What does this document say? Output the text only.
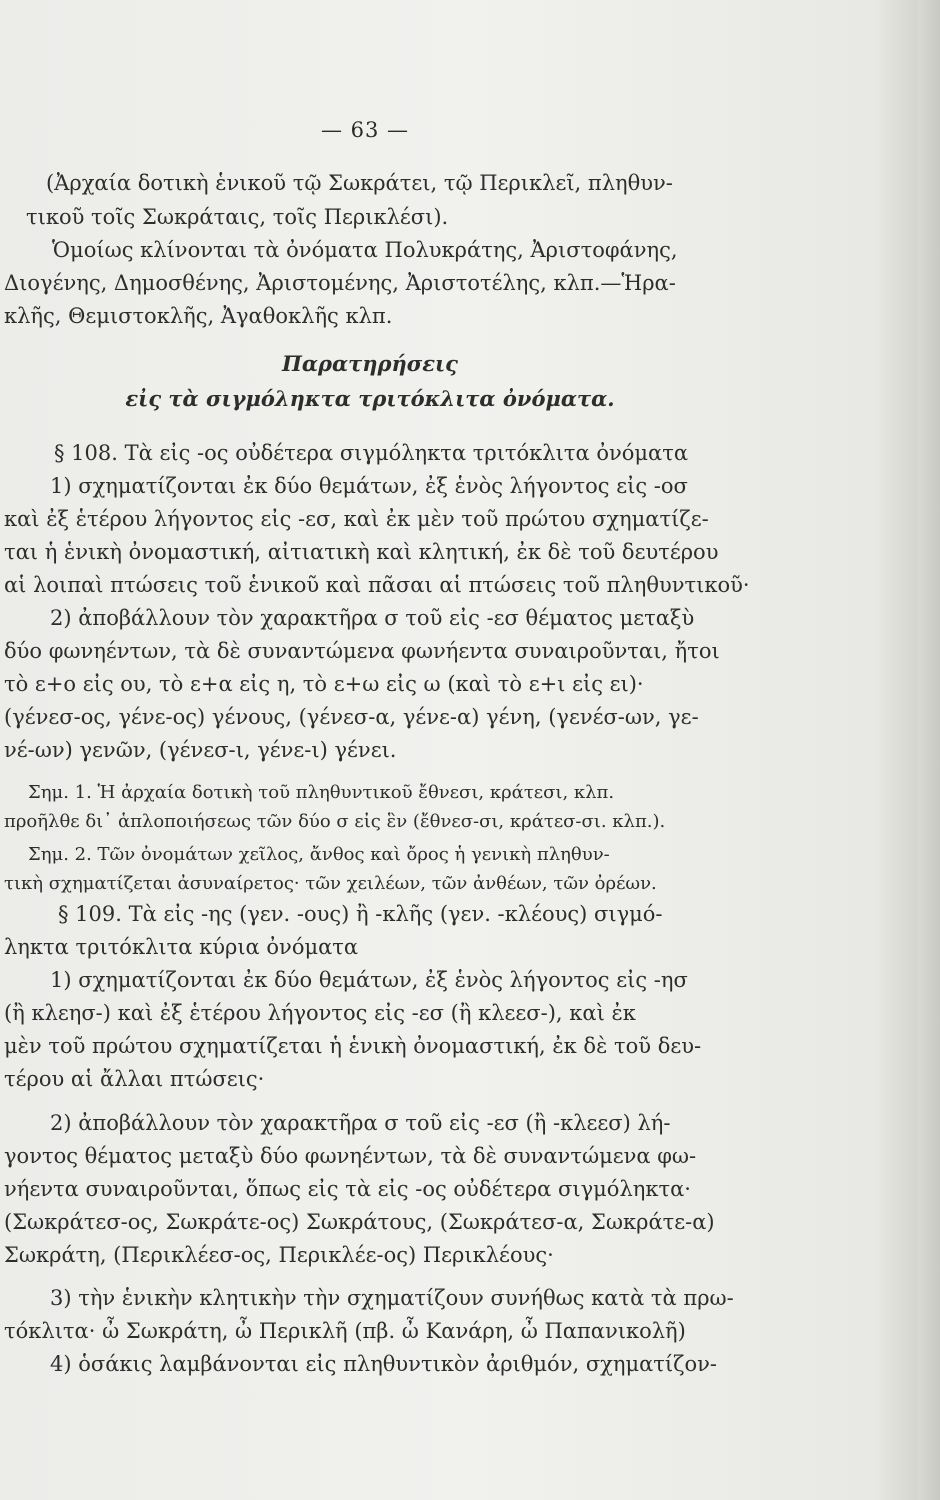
— 63 —
(Ἀρχαία δοτικὴ ἑνικοῦ τῷ Σωκράτει, τῷ Περικλεῖ, πληθυν-
τικοῦ τοῖς Σωκράταις, τοῖς Περικλέσι).
Ὁμοίως κλίνονται τὰ ὀνόματα Πολυκράτης, Ἀριστοφάνης,
Διογένης, Δημοσθένης, Ἀριστομένης, Ἀριστοτέλης, κλπ.—Ἡρα-
κλῆς, Θεμιστοκλῆς, Ἀγαθοκλῆς κλπ.
Παρατηρήσεις
εἰς τὰ σιγμόληκτα τριτόκλιτα ὀνόματα.
§ 108. Τὰ εἰς -ος οὐδέτερα σιγμόληκτα τριτόκλιτα ὀνόματα
1) σχηματίζονται ἐκ δύο θεμάτων, ἐξ ἑνὸς λήγοντος εἰς -οσ
καὶ ἐξ ἑτέρου λήγοντος εἰς -εσ, καὶ ἐκ μὲν τοῦ πρώτου σχηματίζε-
ται ἡ ἑνικὴ ὀνομαστική, αἰτιατικὴ καὶ κλητική, ἐκ δὲ τοῦ δευτέρου
αἱ λοιπαὶ πτώσεις τοῦ ἑνικοῦ καὶ πᾶσαι αἱ πτώσεις τοῦ πληθυντικοῦ·
2) ἀποβάλλουν τὸν χαρακτῆρα σ τοῦ εἰς -εσ θέματος μεταξὺ
δύο φωνηέντων, τὰ δὲ συναντώμενα φωνήεντα συναιροῦνται, ἤτοι
τὸ ε+ο εἰς ου, τὸ ε+α εἰς η, τὸ ε+ω εἰς ω (καὶ τὸ ε+ι εἰς ει)·
(γένεσ-ος, γένε-ος) γένους, (γένεσ-α, γένε-α) γένη, (γενέσ-ων, γε-
νέ-ων) γενῶν, (γένεσ-ι, γένε-ι) γένει.
Σημ. 1. Ἡ ἀρχαία δοτικὴ τοῦ πληθυντικοῦ ἔθνεσι, κράτεσι, κλπ.
προῆλθε δι᾽ ἁπλοποιήσεως τῶν δύο σ εἰς ἓν (ἔθνεσ-σι, κράτεσ-σι. κλπ.).
Σημ. 2. Τῶν ὀνομάτων χεῖλος, ἄνθος καὶ ὄρος ἡ γενικὴ πληθυν-
τικὴ σχηματίζεται ἀσυναίρετος· τῶν χειλέων, τῶν ἀνθέων, τῶν ὀρέων.
§ 109. Τὰ εἰς -ης (γεν. -ους) ἢ -κλῆς (γεν. -κλέους) σιγμό-
ληκτα τριτόκλιτα κύρια ὀνόματα
1) σχηματίζονται ἐκ δύο θεμάτων, ἐξ ἑνὸς λήγοντος εἰς -ησ
(ἢ κλεησ-) καὶ ἐξ ἑτέρου λήγοντος εἰς -εσ (ἢ κλεεσ-), καὶ ἐκ
μὲν τοῦ πρώτου σχηματίζεται ἡ ἑνικὴ ὀνομαστική, ἐκ δὲ τοῦ δευ-
τέρου αἱ ἄλλαι πτώσεις·
2) ἀποβάλλουν τὸν χαρακτῆρα σ τοῦ εἰς -εσ (ἢ -κλεεσ) λή-
γοντος θέματος μεταξὺ δύο φωνηέντων, τὰ δὲ συναντώμενα φω-
νήεντα συναιροῦνται, ὅπως εἰς τὰ εἰς -ος οὐδέτερα σιγμόληκτα·
(Σωκράτεσ-ος, Σωκράτε-ος) Σωκράτους, (Σωκράτεσ-α, Σωκράτε-α)
Σωκράτη, (Περικλέεσ-ος, Περικλέε-ος) Περικλέους·
3) τὴν ἑνικὴν κλητικὴν τὴν σχηματίζουν συνήθως κατὰ τὰ πρω-
τόκλιτα· ὦ Σωκράτη, ὦ Περικλῆ (πβ. ὦ Κανάρη, ὦ Παπανικολῆ)
4) ὁσάκις λαμβάνονται εἰς πληθυντικὸν ἀριθμόν, σχηματίζον-
